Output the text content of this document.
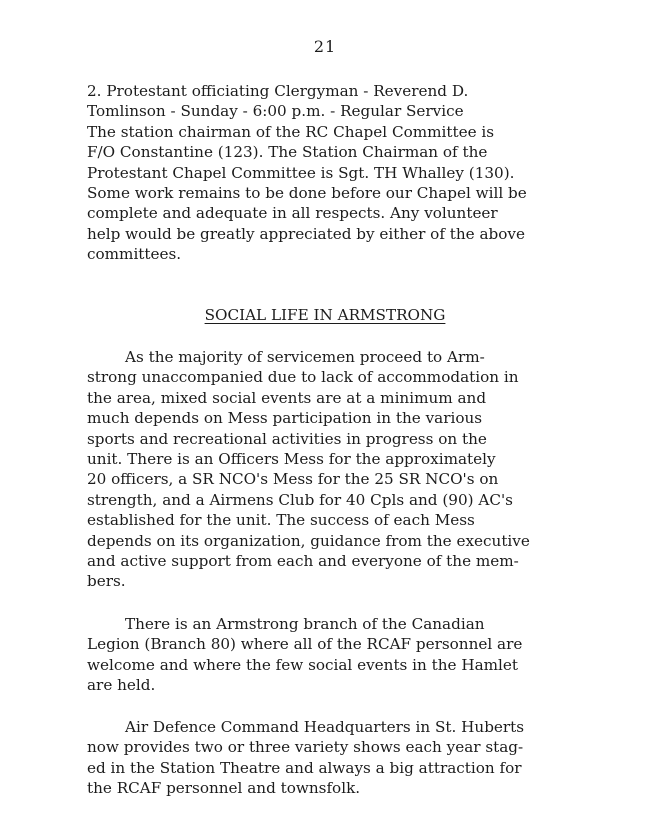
21
2. Protestant officiating Clergyman - Reverend D.
Tomlinson - Sunday - 6:00 p.m. - Regular Service
The station chairman of the RC Chapel Committee is
F/O Constantine (123). The Station Chairman of the
Protestant Chapel Committee is Sgt. TH Whalley (130).
Some work remains to be done before our Chapel will be
complete and adequate in all respects. Any volunteer
help would be greatly appreciated by either of the above
committees.
SOCIAL LIFE IN ARMSTRONG
As the majority of servicemen proceed to Arm-
strong unaccompanied due to lack of accommodation in
the area, mixed social events are at a minimum and
much depends on Mess participation in the various
sports and recreational activities in progress on the
unit. There is an Officers Mess for the approximately
20 officers, a SR NCO's Mess for the 25 SR NCO's on
strength, and a Airmens Club for 40 Cpls and (90) AC's
established for the unit. The success of each Mess
depends on its organization, guidance from the executive
and active support from each and everyone of the mem-
bers.
There is an Armstrong branch of the Canadian
Legion (Branch 80) where all of the RCAF personnel are
welcome and where the few social events in the Hamlet
are held.
Air Defence Command Headquarters in St. Huberts
now provides two or three variety shows each year stag-
ed in the Station Theatre and always a big attraction for
the RCAF personnel and townsfolk.
